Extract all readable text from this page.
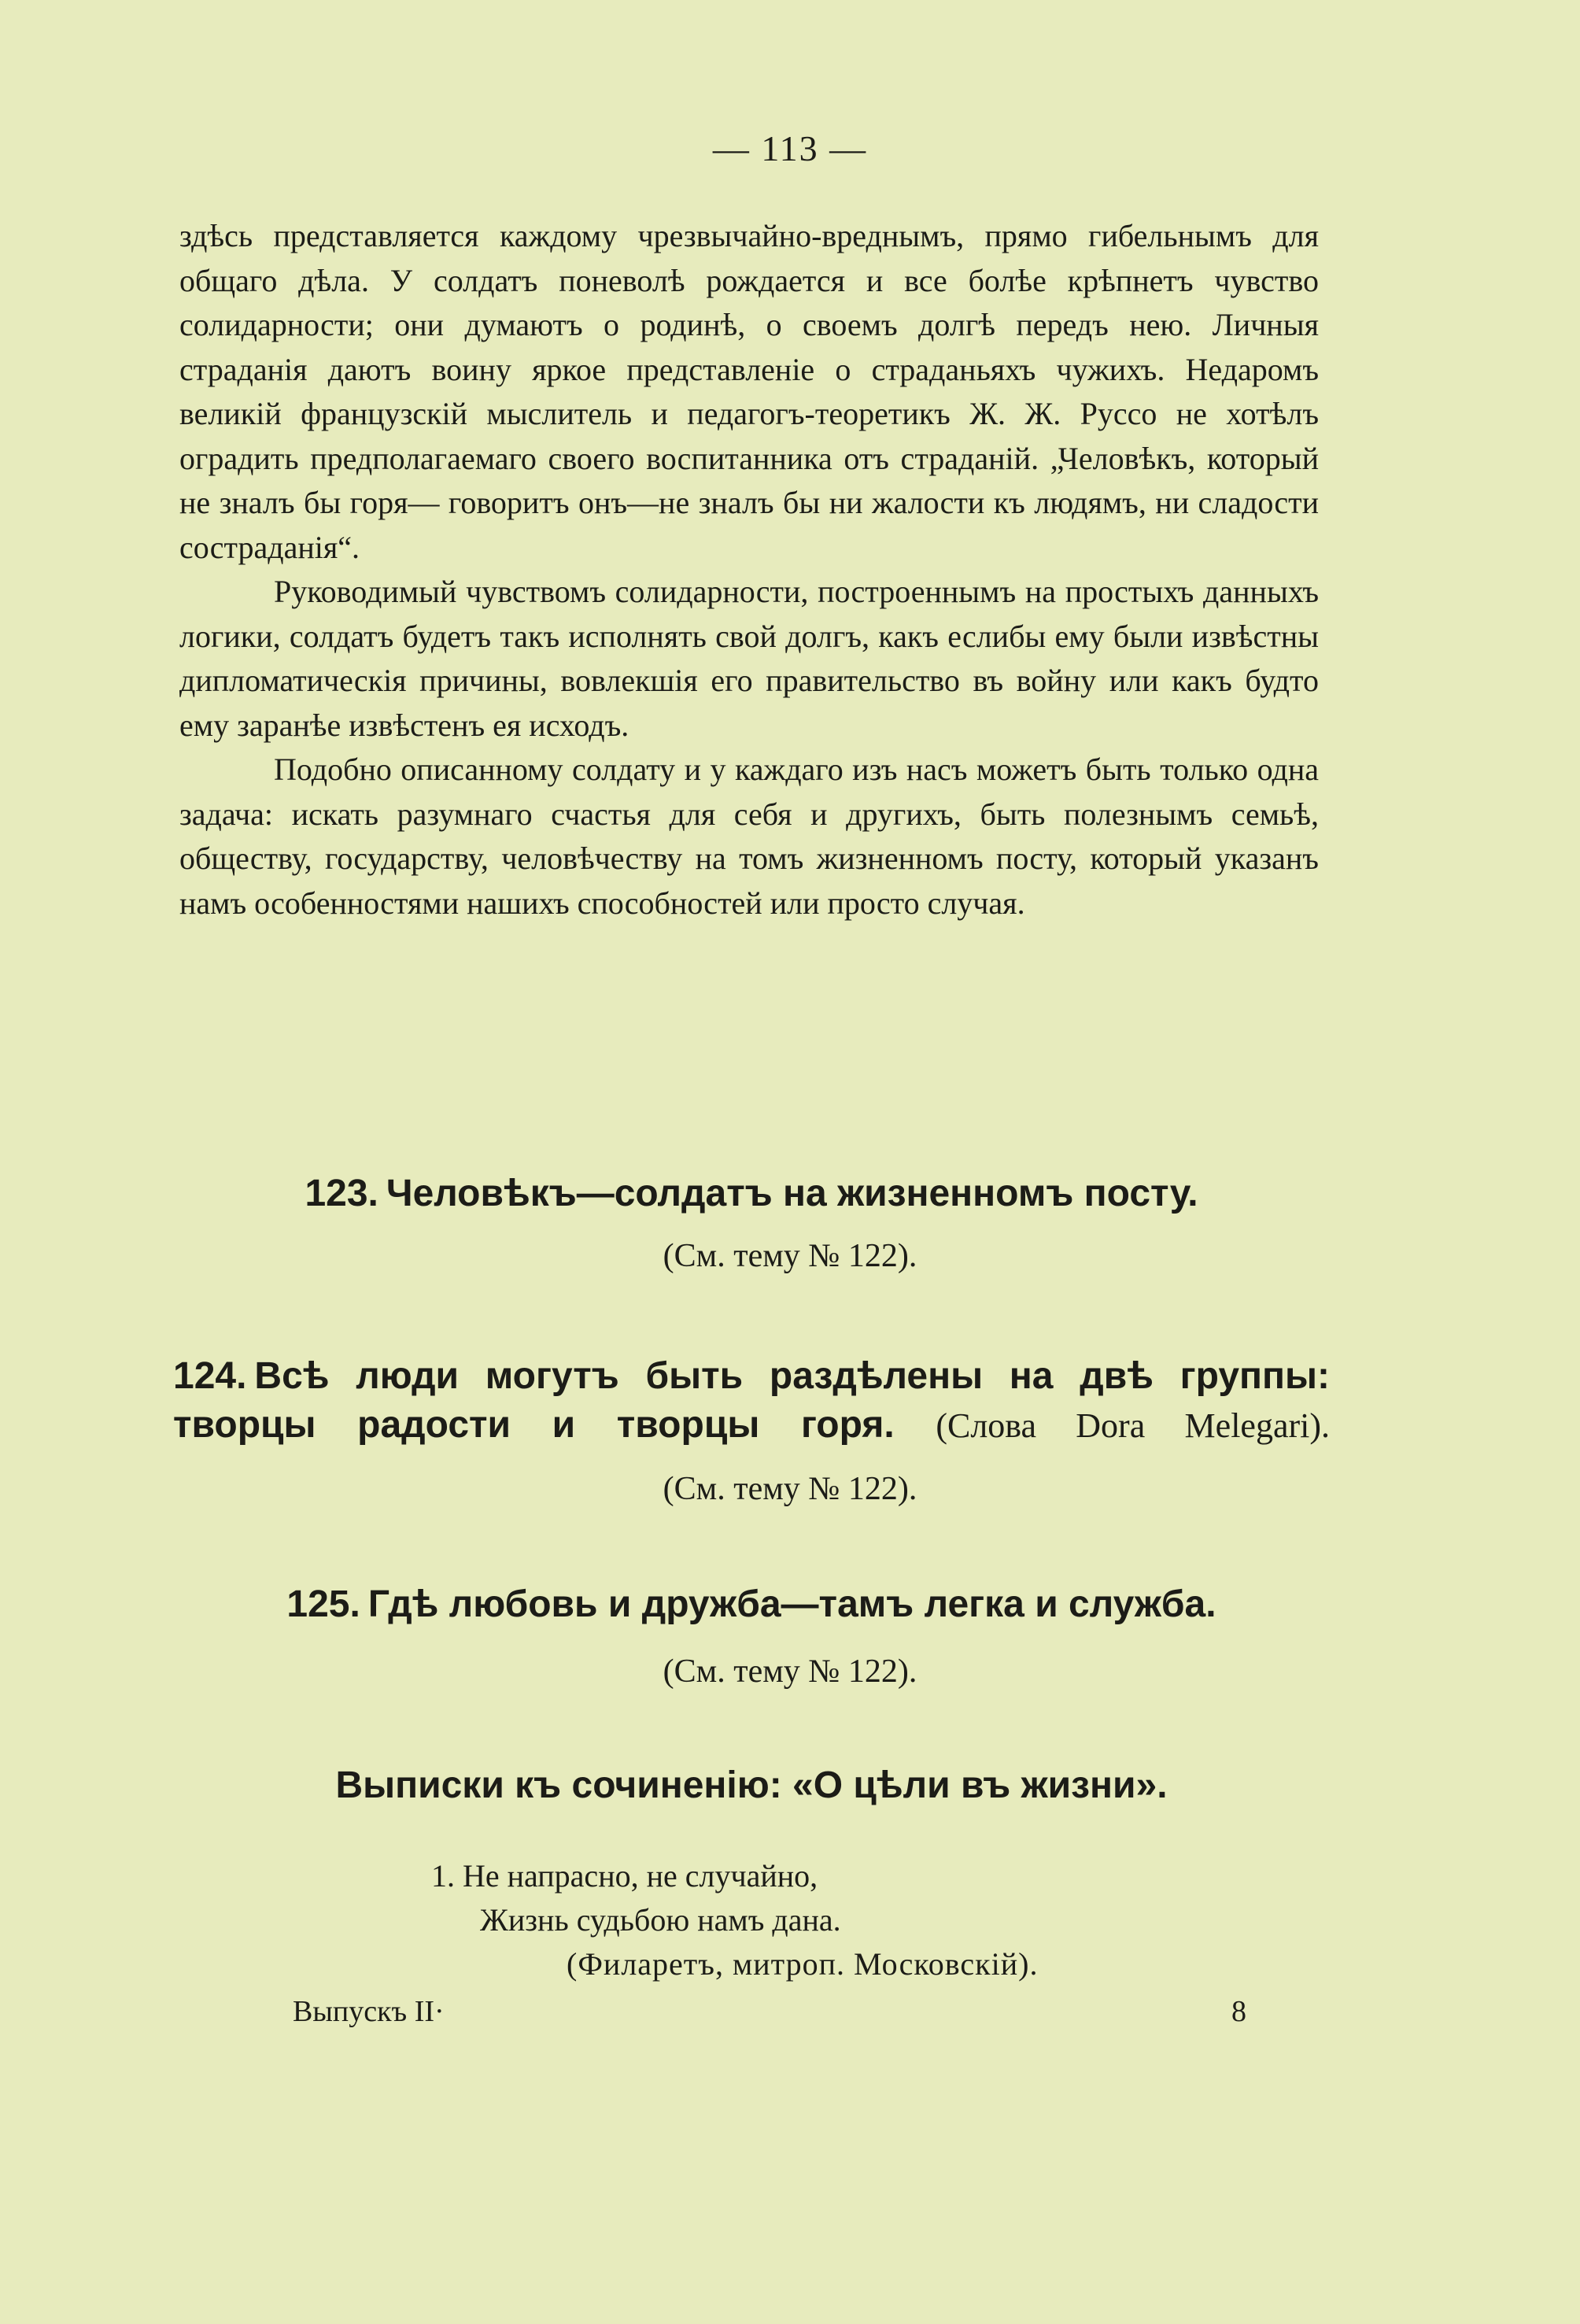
— 113 —

здѣсь представляется каждому чрезвычайно-вреднымъ, прямо гибельнымъ для общаго дѣла. У солдатъ поневолѣ рождается и все болѣе крѣпнетъ чувство солидарности; они думаютъ о родинѣ, о своемъ долгѣ передъ нею. Личныя страданія даютъ воину яркое представленіе о страданьяхъ чужихъ. Недаромъ великій французскій мыслитель и педагогъ-теоретикъ Ж. Ж. Руссо не хотѣлъ оградить предполагаемаго своего воспитанника отъ страданій. „Человѣкъ, который не зналъ бы горя— говоритъ онъ—не зналъ бы ни жалости къ людямъ, ни сладости состраданія“.

Руководимый чувствомъ солидарности, построеннымъ на простыхъ данныхъ логики, солдатъ будетъ такъ исполнять свой долгъ, какъ еслибы ему были извѣстны дипломатическія причины, вовлекшія его правительство въ войну или какъ будто ему заранѣе извѣстенъ ея исходъ.

Подобно описанному солдату и у каждаго изъ насъ можетъ быть только одна задача: искать разумнаго счастья для себя и другихъ, быть полезнымъ семьѣ, обществу, государству, человѣчеству на томъ жизненномъ посту, который указанъ намъ особенностями нашихъ способностей или просто случая.

123. Человѣкъ—солдатъ на жизненномъ посту.
(См. тему № 122).
124. Всѣ люди могутъ быть раздѣлены на двѣ группы: творцы радости и творцы горя. (Слова Dora Melegari).
(См. тему № 122).
125. Гдѣ любовь и дружба—тамъ легка и служба.
(См. тему № 122).
Выписки къ сочиненію: «О цѣли въ жизни».
1. Не напрасно, не случайно,
Жизнь судьбою намъ дана.
(Филаретъ, митроп. Московскій).
Выпускъ II·	8
